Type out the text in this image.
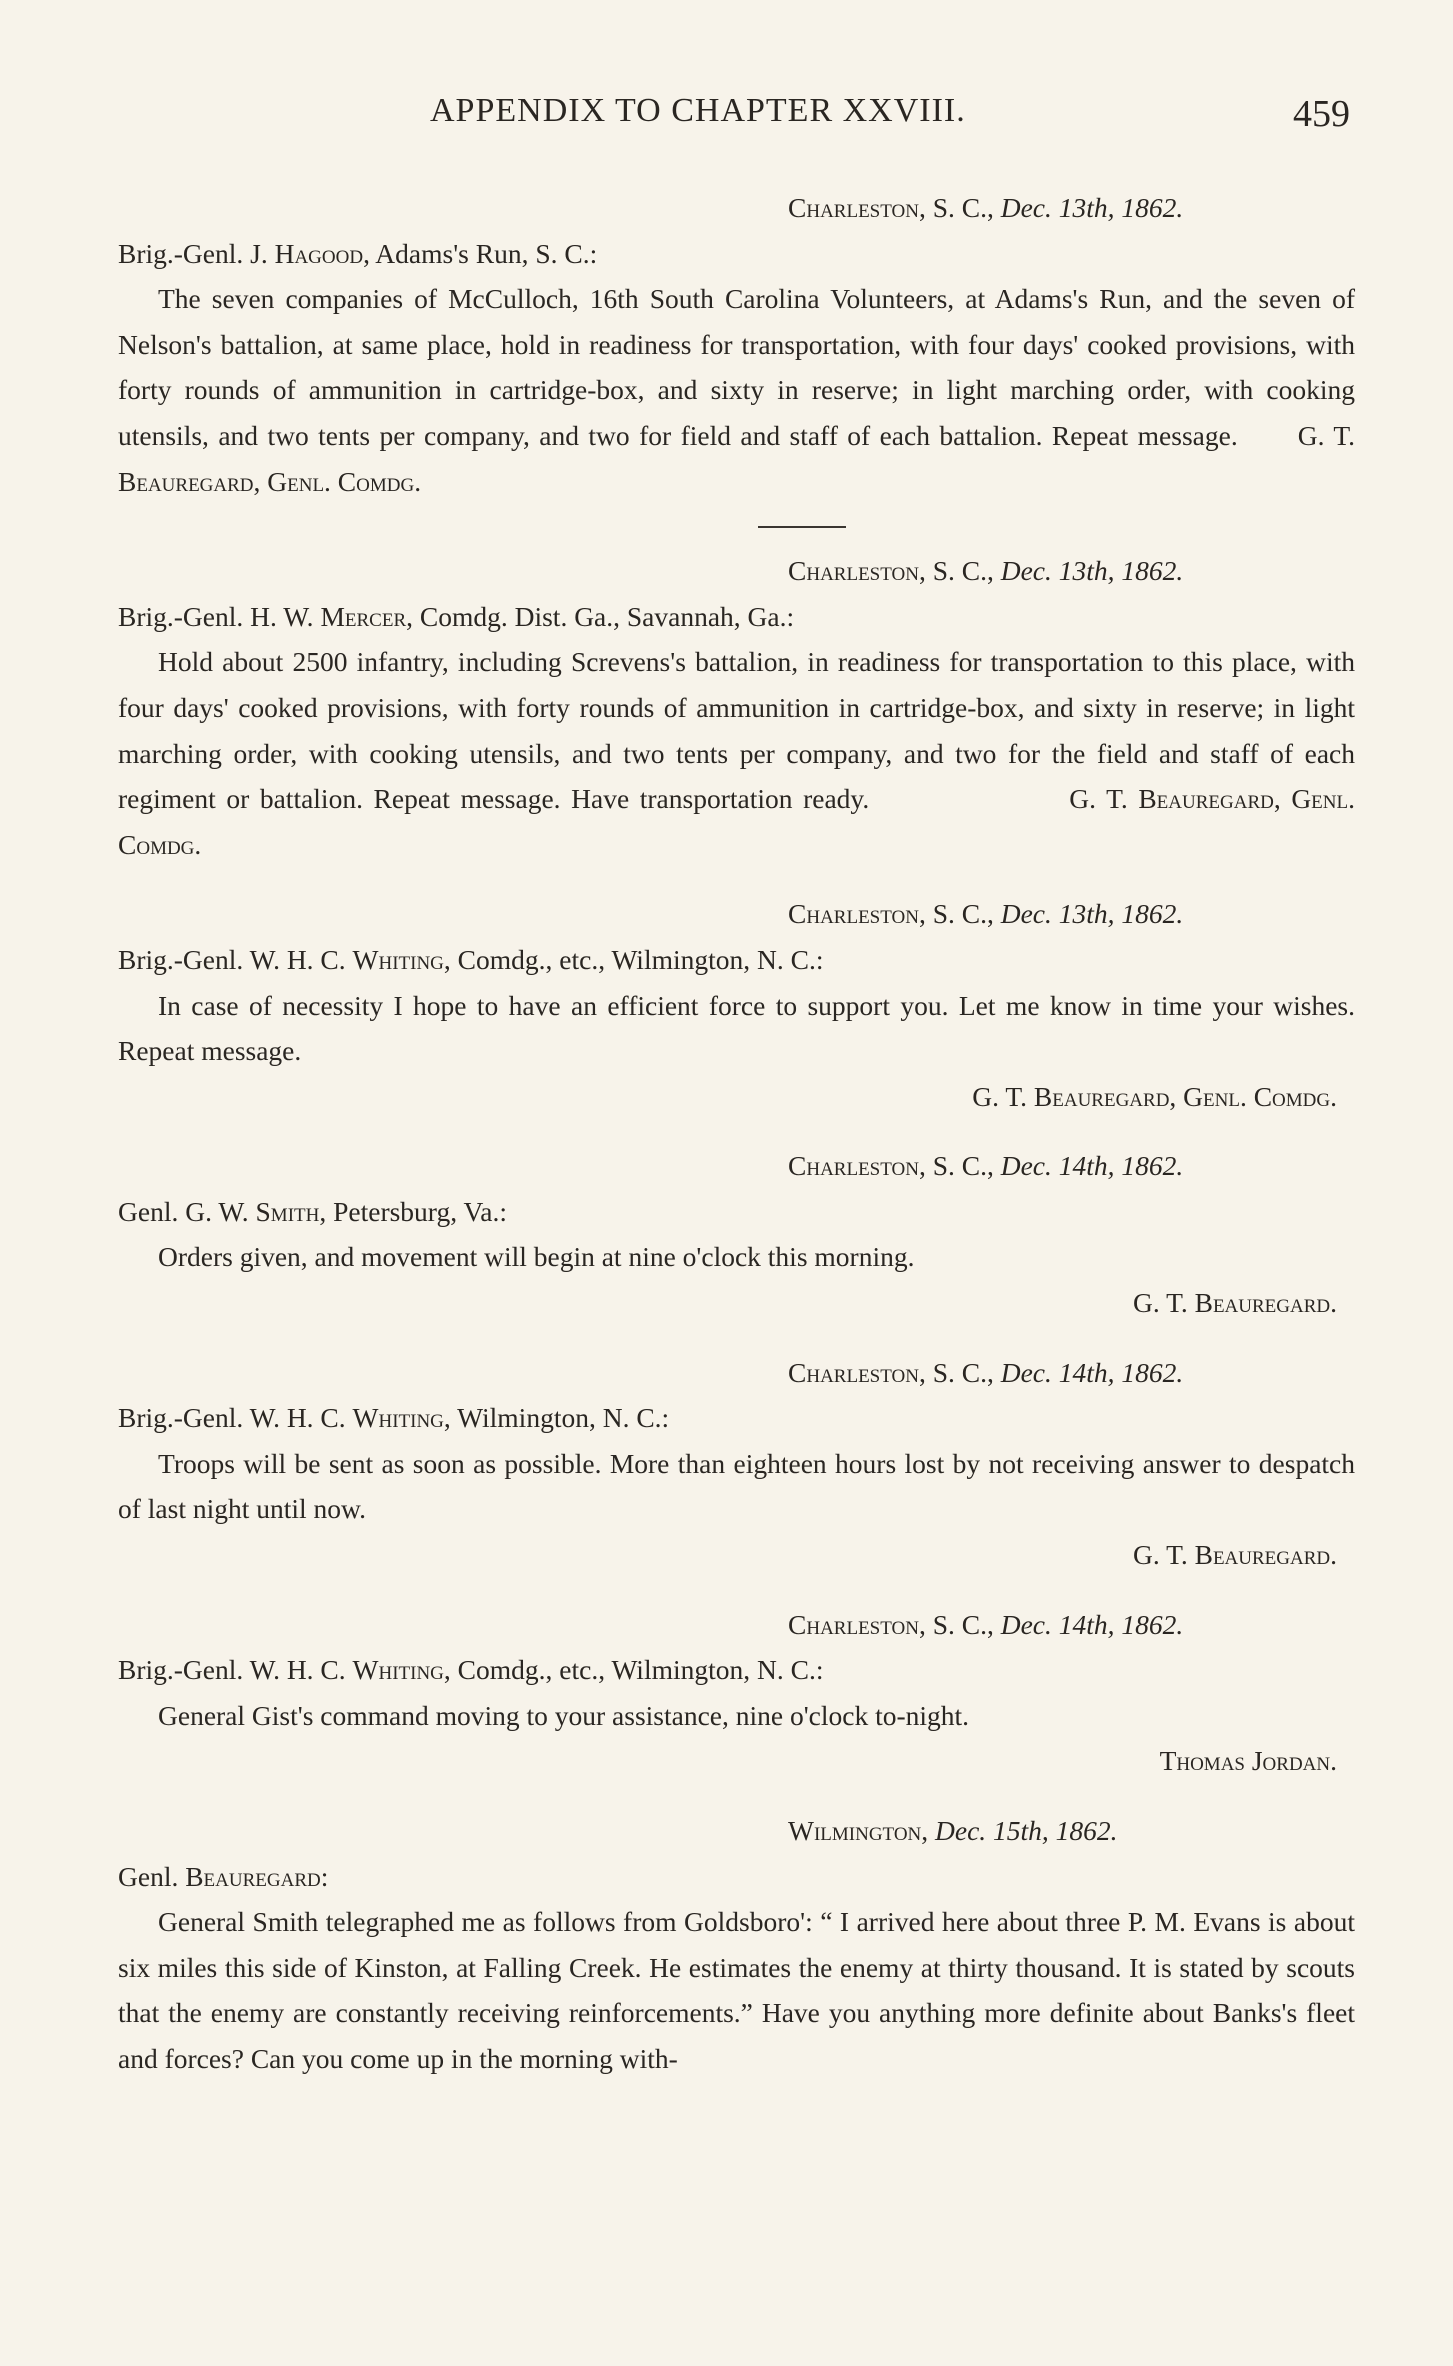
APPENDIX TO CHAPTER XXVIII.	459
Charleston, S. C., Dec. 13th, 1862.
Brig.-Genl. J. Hagood, Adams's Run, S. C.:
The seven companies of McCulloch, 16th South Carolina Volunteers, at Adams's Run, and the seven of Nelson's battalion, at same place, hold in readiness for transportation, with four days' cooked provisions, with forty rounds of ammunition in cartridge-box, and sixty in reserve; in light marching order, with cooking utensils, and two tents per company, and two for field and staff of each battalion. Repeat message. G. T. Beauregard, Genl. Comdg.
Charleston, S. C., Dec. 13th, 1862.
Brig.-Genl. H. W. Mercer, Comdg. Dist. Ga., Savannah, Ga.:
Hold about 2500 infantry, including Screvens's battalion, in readiness for transportation to this place, with four days' cooked provisions, with forty rounds of ammunition in cartridge-box, and sixty in reserve; in light marching order, with cooking utensils, and two tents per company, and two for the field and staff of each regiment or battalion. Repeat message. Have transportation ready.	G. T. Beauregard, Genl. Comdg.
Charleston, S. C., Dec. 13th, 1862.
Brig.-Genl. W. H. C. Whiting, Comdg., etc., Wilmington, N. C.:
In case of necessity I hope to have an efficient force to support you. Let me know in time your wishes. Repeat message.
G. T. Beauregard, Genl. Comdg.
Charleston, S. C., Dec. 14th, 1862.
Genl. G. W. Smith, Petersburg, Va.:
Orders given, and movement will begin at nine o'clock this morning.
G. T. Beauregard.
Charleston, S. C., Dec. 14th, 1862.
Brig.-Genl. W. H. C. Whiting, Wilmington, N. C.:
Troops will be sent as soon as possible. More than eighteen hours lost by not receiving answer to despatch of last night until now.
G. T. Beauregard.
Charleston, S. C., Dec. 14th, 1862.
Brig.-Genl. W. H. C. Whiting, Comdg., etc., Wilmington, N. C.:
General Gist's command moving to your assistance, nine o'clock to-night.
Thomas Jordan.
Wilmington, Dec. 15th, 1862.
Genl. Beauregard:
General Smith telegraphed me as follows from Goldsboro': “ I arrived here about three P. M. Evans is about six miles this side of Kinston, at Falling Creek. He estimates the enemy at thirty thousand. It is stated by scouts that the enemy are constantly receiving reinforcements.” Have you anything more definite about Banks's fleet and forces? Can you come up in the morning with-
